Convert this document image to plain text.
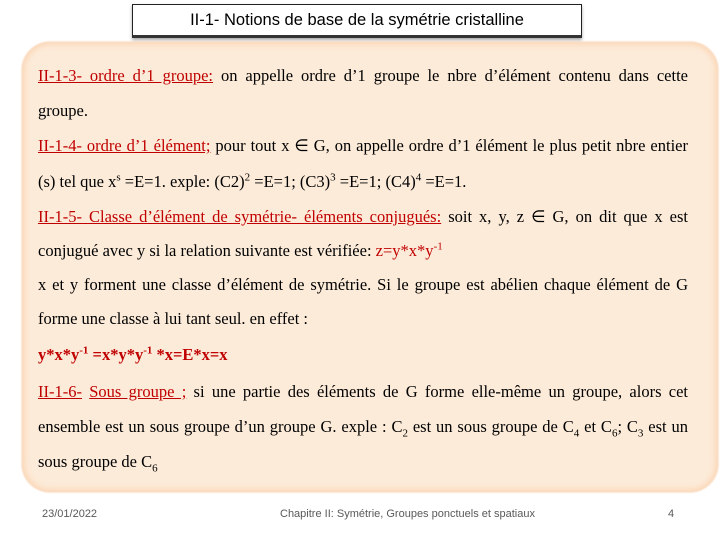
II-1- Notions de base de la symétrie cristalline

II-1-3- ordre d’1 groupe: on appelle ordre d’1 groupe le nbre d’élément contenu dans cette groupe.

II-1-4- ordre d’1 élément; pour tout x ∈ G, on appelle ordre d’1 élément le plus petit nbre entier (s) tel que $x^s =E=1$. exple: $(C2)^2 =E=1$; $(C3)^3 =E=1$; $(C4)^4 =E=1$.

II-1-5- Classe d’élément de symétrie- éléments conjugués: soit x, y, z ∈ G, on dit que x est conjugué avec y si la relation suivante est vérifiée: $z=y*x*y^{-1}$

x et y forment une classe d’élément de symétrie. Si le groupe est abélien chaque élément de G forme une classe à lui tant seul. en effet :

$y*x*y^{-1} =x*y*y^{-1}$ *x=E*x=x

II-1-6- Sous groupe ; si une partie des éléments de G forme elle-même un groupe, alors cet ensemble est un sous groupe d’un groupe G. exple : $C_2$ est un sous groupe de $C_4$ et $C_6$; $C_3$ est un sous groupe de $C_6$

23/01/2022	Chapitre II: Symétrie, Groupes ponctuels et spatiaux	4
